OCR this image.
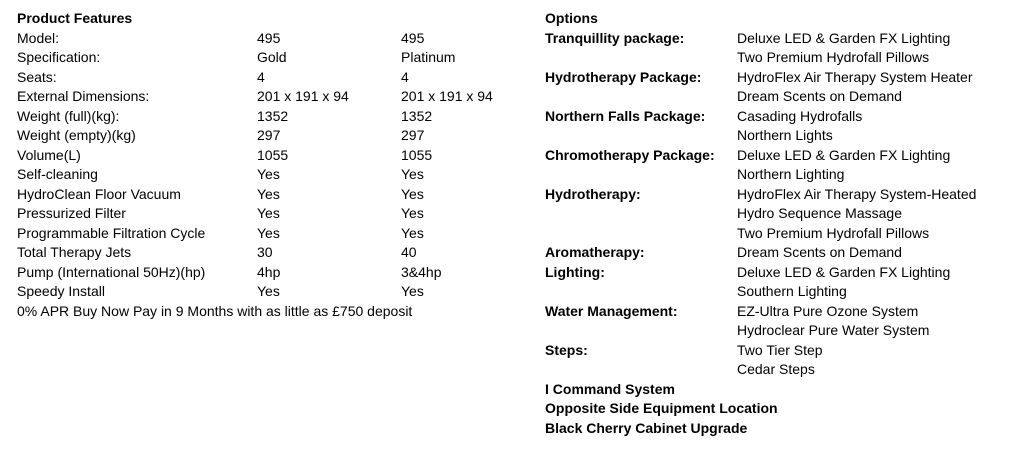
Product Features
Model:	495	495
Specification:	Gold	Platinum
Seats:	4	4
External Dimensions:	201 x 191 x 94	201 x 191 x 94
Weight (full)(kg):	1352	1352
Weight (empty)(kg)	297	297
Volume(L)	1055	1055
Self-cleaning	Yes	Yes
HydroClean Floor Vacuum	Yes	Yes
Pressurized Filter	Yes	Yes
Programmable Filtration Cycle	Yes	Yes
Total Therapy Jets	30	40
Pump (International 50Hz)(hp)	4hp	3&4hp
Speedy Install	Yes	Yes
0% APR Buy Now Pay in 9 Months with as little as £750 deposit
Options
Tranquillity package:	Deluxe LED & Garden FX Lighting
Two Premium Hydrofall Pillows
Hydrotherapy Package:	HydroFlex Air Therapy System Heater
Dream Scents on Demand
Northern Falls Package: Casading Hydrofalls
Northern Lights
Chromotherapy Package: Deluxe LED & Garden FX Lighting
Northern Lighting
Hydrotherapy:	HydroFlex Air Therapy System-Heated
Hydro Sequence Massage
Two Premium Hydrofall Pillows
Aromatherapy:	Dream Scents on Demand
Lighting:	Deluxe LED & Garden FX Lighting
Southern Lighting
Water Management:	EZ-Ultra Pure Ozone System
Hydroclear Pure Water System
Steps:	Two Tier Step
Cedar Steps
I Command System
Opposite Side Equipment Location
Black Cherry Cabinet Upgrade
